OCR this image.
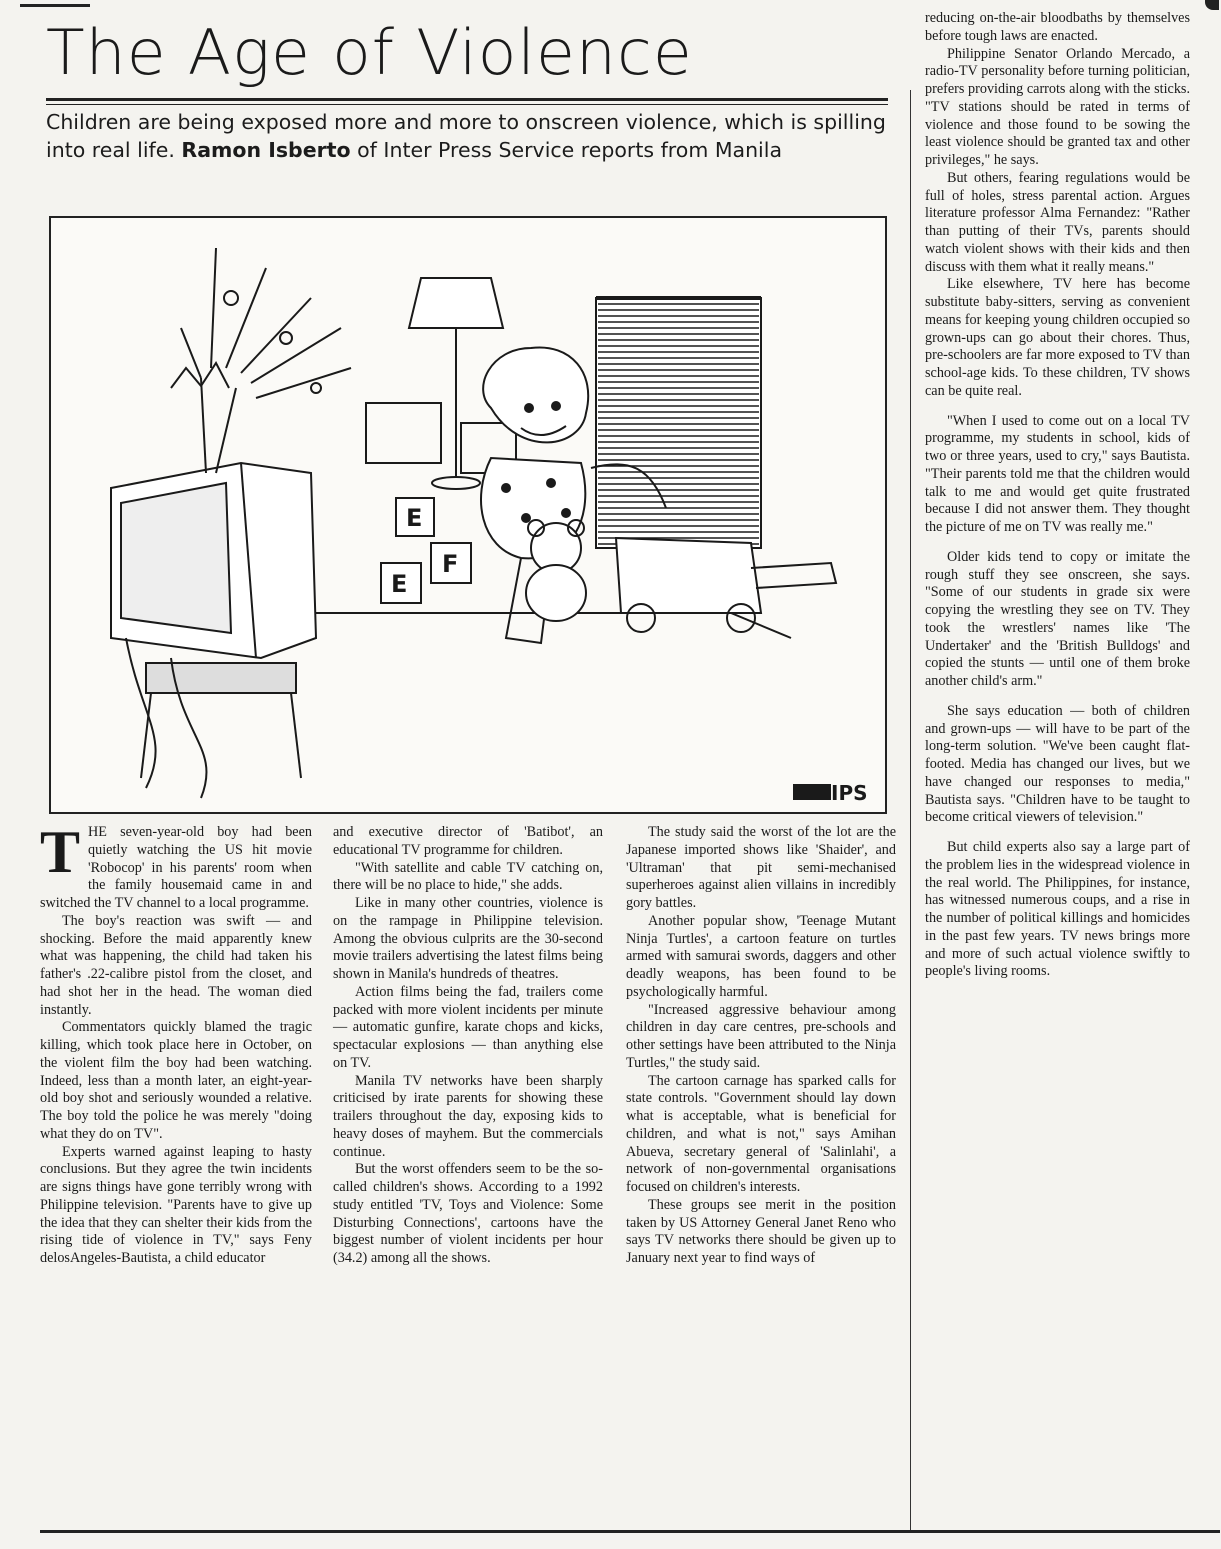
The Age of Violence

Children are being exposed more and more to onscreen violence, which is spilling into real life. Ramon Isberto of Inter Press Service reports from Manila

E
F
E
IPS
T HE seven-year-old boy had been quietly watching the US hit movie 'Robocop' in his parents' room when the family housemaid came in and switched the TV channel to a local programme.

The boy's reaction was swift — and shocking. Before the maid apparently knew what was happening, the child had taken his father's .22-calibre pistol from the closet, and had shot her in the head. The woman died instantly.

Commentators quickly blamed the tragic killing, which took place here in October, on the violent film the boy had been watching. Indeed, less than a month later, an eight-year-old boy shot and seriously wounded a relative. The boy told the police he was merely "doing what they do on TV".

Experts warned against leaping to hasty conclusions. But they agree the twin incidents are signs things have gone terribly wrong with Philippine television. "Parents have to give up the idea that they can shelter their kids from the rising tide of violence in TV," says Feny delosAngeles-Bautista, a child educator

and executive director of 'Batibot', an educational TV programme for children.

"With satellite and cable TV catching on, there will be no place to hide," she adds.

Like in many other countries, violence is on the rampage in Philippine television. Among the obvious culprits are the 30-second movie trailers advertising the latest films being shown in Manila's hundreds of theatres.

Action films being the fad, trailers come packed with more violent incidents per minute — automatic gunfire, karate chops and kicks, spectacular explosions — than anything else on TV.

Manila TV networks have been sharply criticised by irate parents for showing these trailers throughout the day, exposing kids to heavy doses of mayhem. But the commercials continue.

But the worst offenders seem to be the so-called children's shows. According to a 1992 study entitled 'TV, Toys and Violence: Some Disturbing Connections', cartoons have the biggest number of violent incidents per hour (34.2) among all the shows.

The study said the worst of the lot are the Japanese imported shows like 'Shaider', and 'Ultraman' that pit semi-mechanised superheroes against alien villains in incredibly gory battles.

Another popular show, 'Teenage Mutant Ninja Turtles', a cartoon feature on turtles armed with samurai swords, daggers and other deadly weapons, has been found to be psychologically harmful.

"Increased aggressive behaviour among children in day care centres, pre-schools and other settings have been attributed to the Ninja Turtles," the study said.

The cartoon carnage has sparked calls for state controls. "Government should lay down what is acceptable, what is beneficial for children, and what is not," says Amihan Abueva, secretary general of 'Salinlahi', a network of non-governmental organisations focused on children's interests.

These groups see merit in the position taken by US Attorney General Janet Reno who says TV networks there should be given up to January next year to find ways of

reducing on-the-air bloodbaths by themselves before tough laws are enacted.

Philippine Senator Orlando Mercado, a radio-TV personality before turning politician, prefers providing carrots along with the sticks. "TV stations should be rated in terms of violence and those found to be sowing the least violence should be granted tax and other privileges," he says.

But others, fearing regulations would be full of holes, stress parental action. Argues literature professor Alma Fernandez: "Rather than putting of their TVs, parents should watch violent shows with their kids and then discuss with them what it really means."

Like elsewhere, TV here has become substitute baby-sitters, serving as convenient means for keeping young children occupied so grown-ups can go about their chores. Thus, pre-schoolers are far more exposed to TV than school-age kids. To these children, TV shows can be quite real.

"When I used to come out on a local TV programme, my students in school, kids of two or three years, used to cry," says Bautista. "Their parents told me that the children would talk to me and would get quite frustrated because I did not answer them. They thought the picture of me on TV was really me."

Older kids tend to copy or imitate the rough stuff they see onscreen, she says. "Some of our students in grade six were copying the wrestling they see on TV. They took the wrestlers' names like 'The Undertaker' and the 'British Bulldogs' and copied the stunts — until one of them broke another child's arm."

She says education — both of children and grown-ups — will have to be part of the long-term solution. "We've been caught flat-footed. Media has changed our lives, but we have changed our responses to media," Bautista says. "Children have to be taught to become critical viewers of television."

But child experts also say a large part of the problem lies in the widespread violence in the real world. The Philippines, for instance, has witnessed numerous coups, and a rise in the number of political killings and homicides in the past few years. TV news brings more and more of such actual violence swiftly to people's living rooms.
